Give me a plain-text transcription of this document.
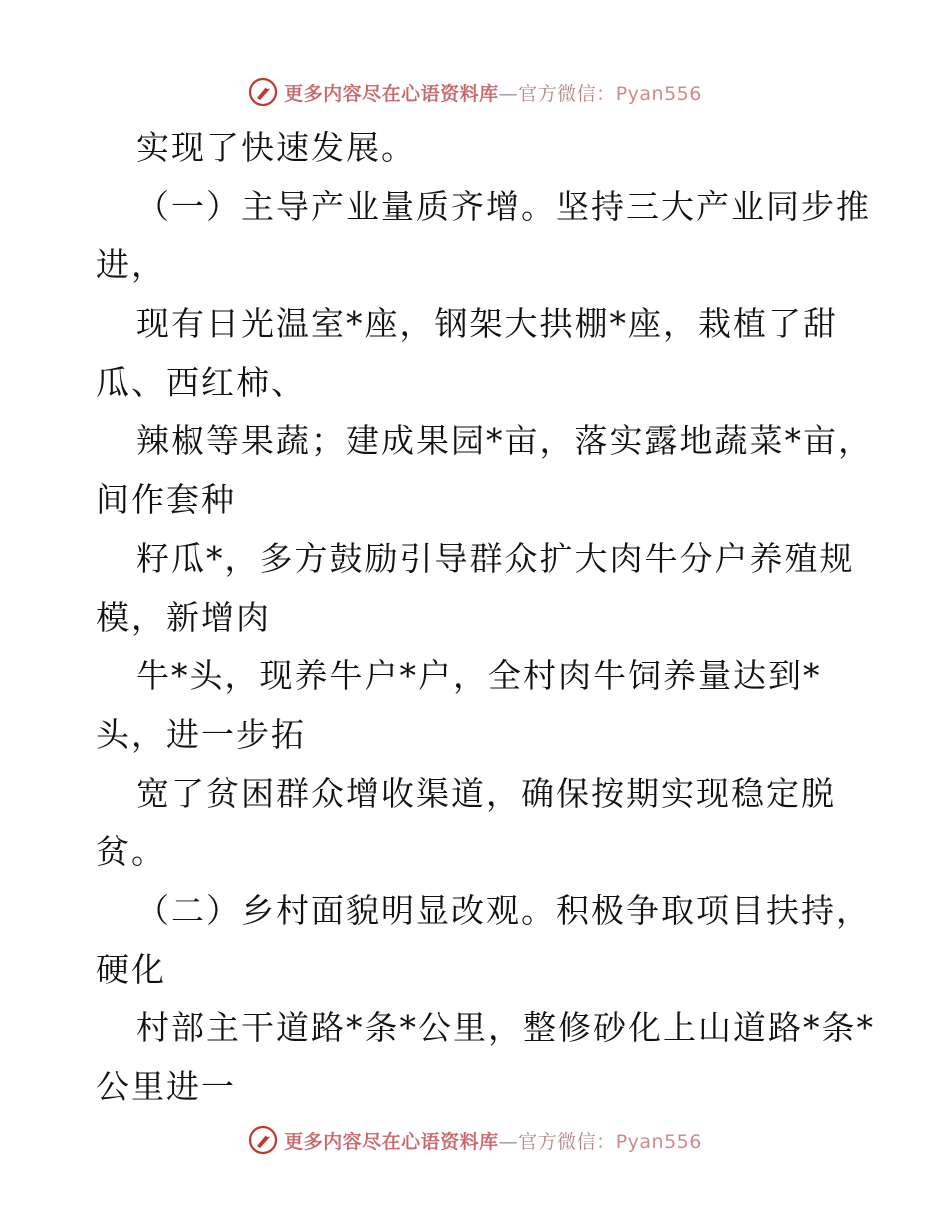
更多内容尽在心语资料库—官方微信：Pyan556
实现了快速发展。
（一）主导产业量质齐增。坚持三大产业同步推
进，
现有日光温室*座，钢架大拱棚*座，栽植了甜
瓜、西红柿、
辣椒等果蔬；建成果园*亩，落实露地蔬菜*亩，
间作套种
籽瓜*，多方鼓励引导群众扩大肉牛分户养殖规
模，新增肉
牛*头，现养牛户*户，全村肉牛饲养量达到*
头，进一步拓
宽了贫困群众增收渠道，确保按期实现稳定脱
贫。
（二）乡村面貌明显改观。积极争取项目扶持，
硬化
村部主干道路*条*公里，整修砂化上山道路*条*
公里进一
更多内容尽在心语资料库—官方微信：Pyan556
